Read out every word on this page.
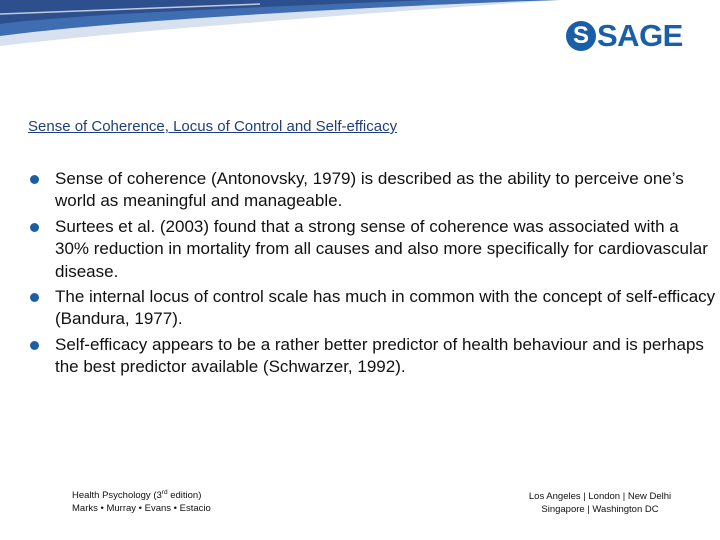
S SAGE
Sense of Coherence, Locus of Control and Self-efficacy
Sense of coherence (Antonovsky, 1979) is described as the ability to perceive one’s world as meaningful and manageable.
Surtees et al. (2003) found that a strong sense of coherence was associated with a 30% reduction in mortality from all causes and also more specifically for cardiovascular disease.
The internal locus of control scale has much in common with the concept of self-efficacy (Bandura, 1977).
Self-efficacy appears to be a rather better predictor of health behaviour and is perhaps the best predictor available (Schwarzer, 1992).
Health Psychology (3rd edition)
Marks • Murray • Evans • Estacio
Los Angeles | London | New Delhi
Singapore | Washington DC
